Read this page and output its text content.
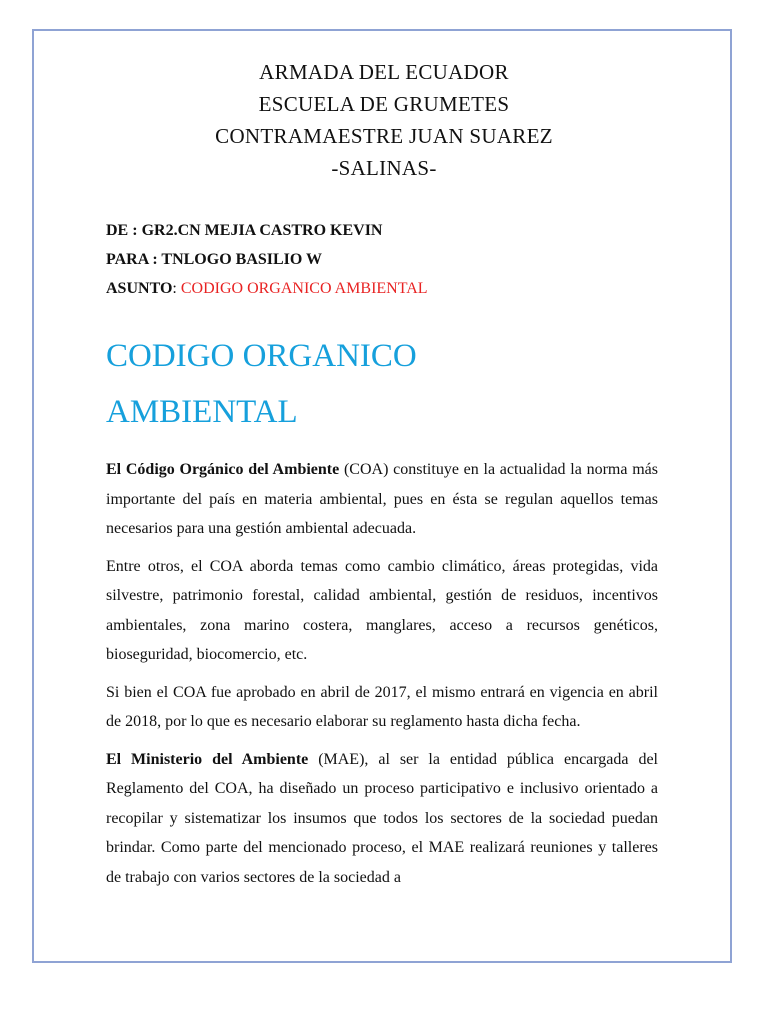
ARMADA DEL ECUADOR
ESCUELA DE GRUMETES
CONTRAMAESTRE JUAN SUAREZ
-SALINAS-
DE : GR2.CN MEJIA CASTRO KEVIN
PARA : TNLOGO BASILIO W
ASUNTO: CODIGO ORGANICO AMBIENTAL
CODIGO ORGANICO
AMBIENTAL

El Código Orgánico del Ambiente (COA) constituye en la actualidad la norma más importante del país en materia ambiental, pues en ésta se regulan aquellos temas necesarios para una gestión ambiental adecuada.

Entre otros, el COA aborda temas como cambio climático, áreas protegidas, vida silvestre, patrimonio forestal, calidad ambiental, gestión de residuos, incentivos ambientales, zona marino costera, manglares, acceso a recursos genéticos, bioseguridad, biocomercio, etc.

Si bien el COA fue aprobado en abril de 2017, el mismo entrará en vigencia en abril de 2018, por lo que es necesario elaborar su reglamento hasta dicha fecha.

El Ministerio del Ambiente (MAE), al ser la entidad pública encargada del Reglamento del COA, ha diseñado un proceso participativo e inclusivo orientado a recopilar y sistematizar los insumos que todos los sectores de la sociedad puedan brindar. Como parte del mencionado proceso, el MAE realizará reuniones y talleres de trabajo con varios sectores de la sociedad a
